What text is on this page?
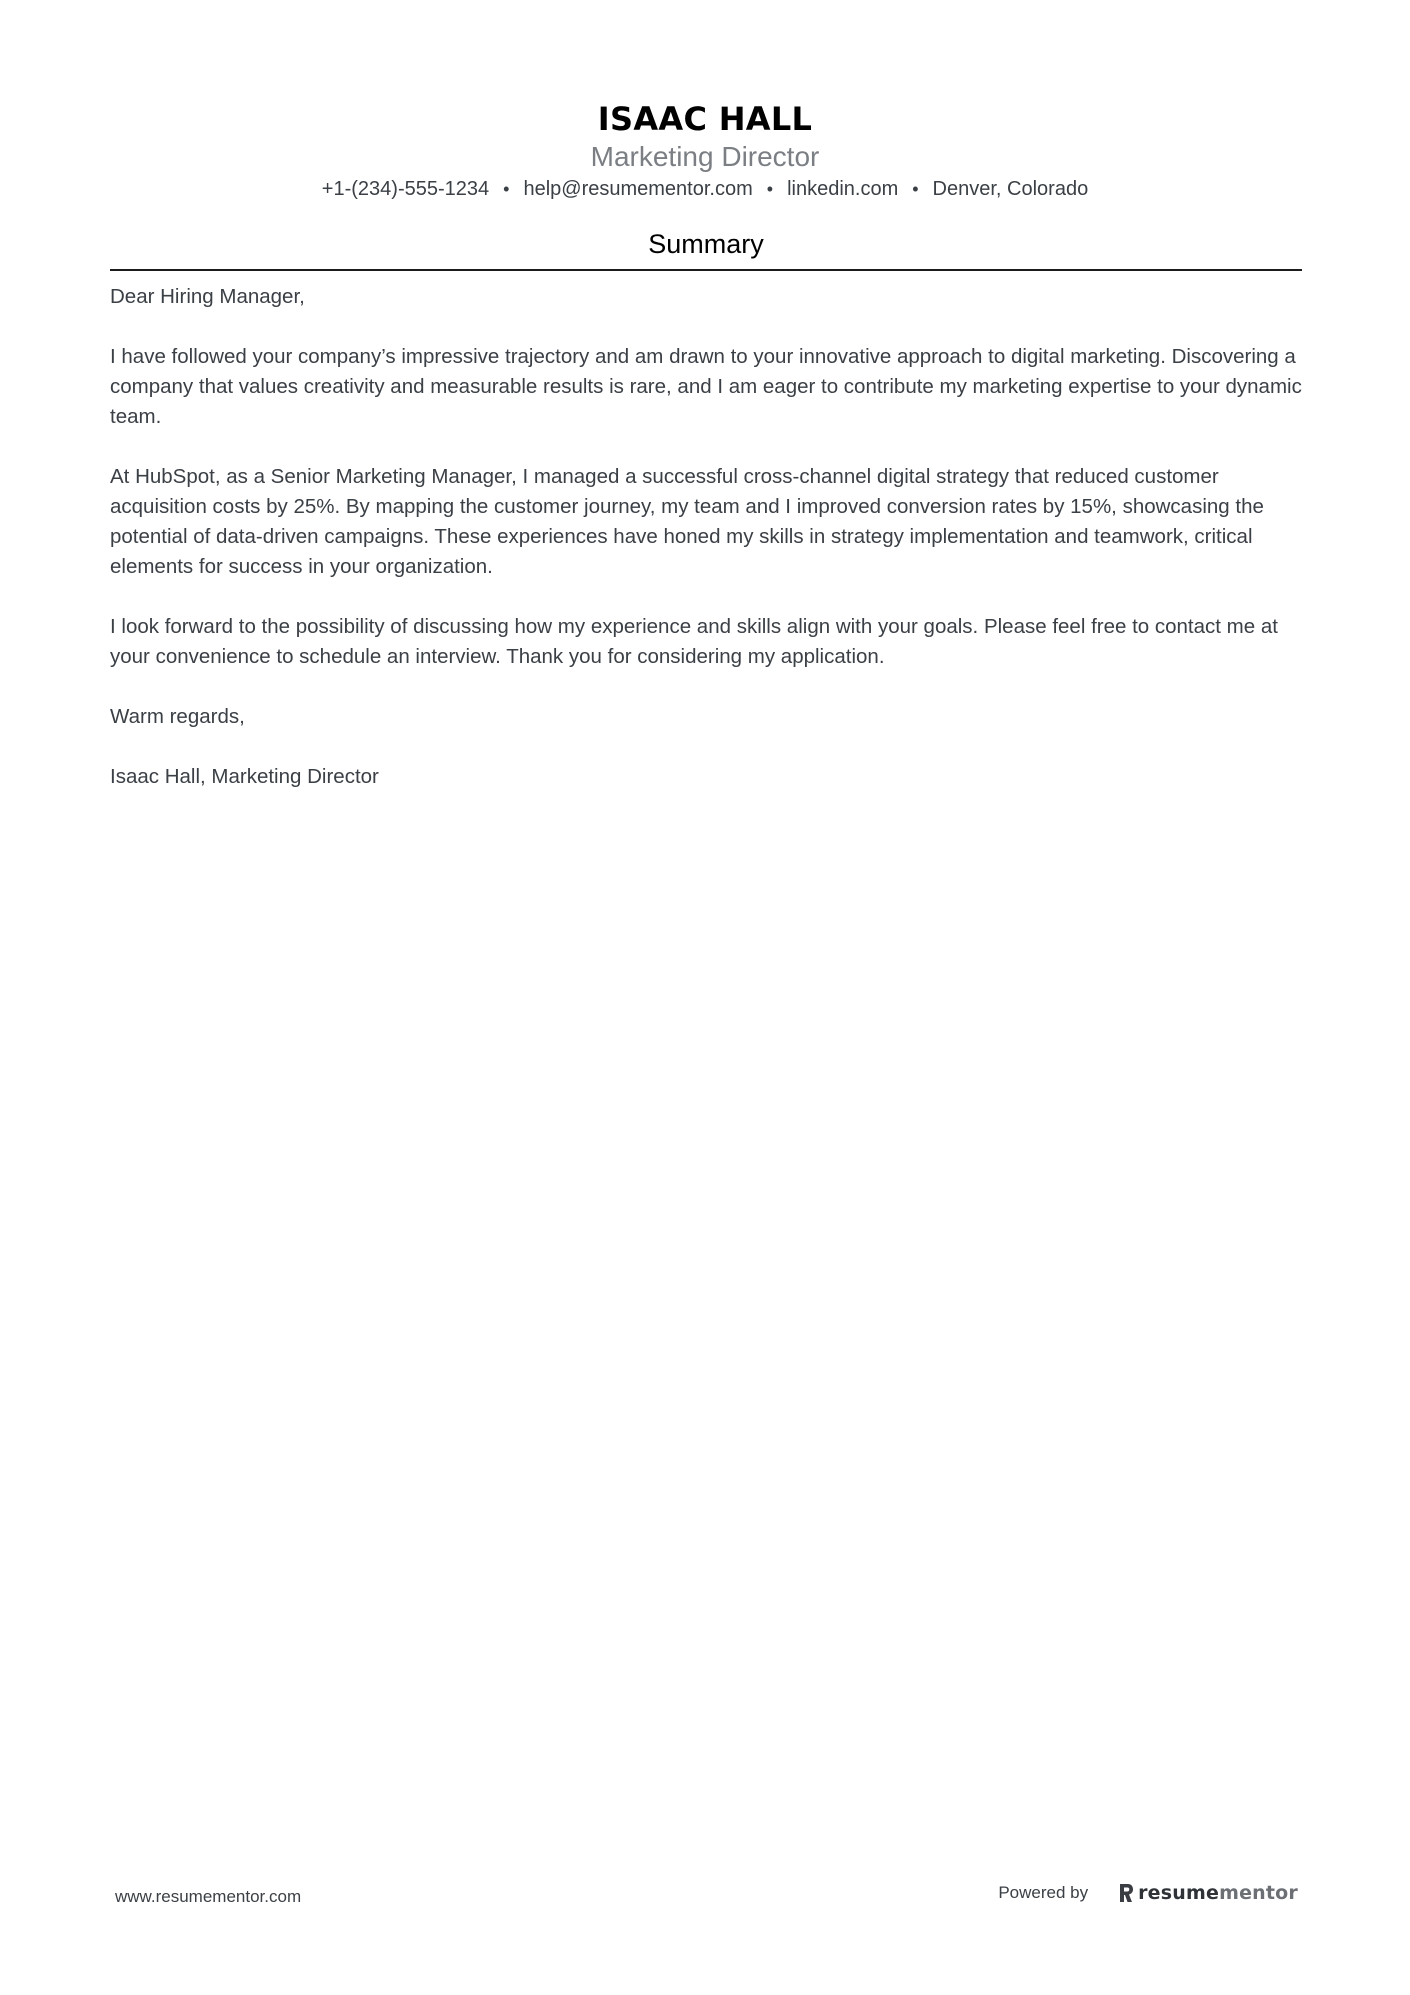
ISAAC HALL
Marketing Director
+1-(234)-555-1234 • help@resumementor.com • linkedin.com • Denver, Colorado
Summary

Dear Hiring Manager,

I have followed your company’s impressive trajectory and am drawn to your innovative approach to digital marketing. Discovering a company that values creativity and measurable results is rare, and I am eager to contribute my marketing expertise to your dynamic team.

At HubSpot, as a Senior Marketing Manager, I managed a successful cross-channel digital strategy that reduced customer acquisition costs by 25%. By mapping the customer journey, my team and I improved conversion rates by 15%, showcasing the potential of data-driven campaigns. These experiences have honed my skills in strategy implementation and teamwork, critical elements for success in your organization.

I look forward to the possibility of discussing how my experience and skills align with your goals. Please feel free to contact me at your convenience to schedule an interview. Thank you for considering my application.

Warm regards,

Isaac Hall, Marketing Director

www.resumementor.com	Powered by	resume mentor
